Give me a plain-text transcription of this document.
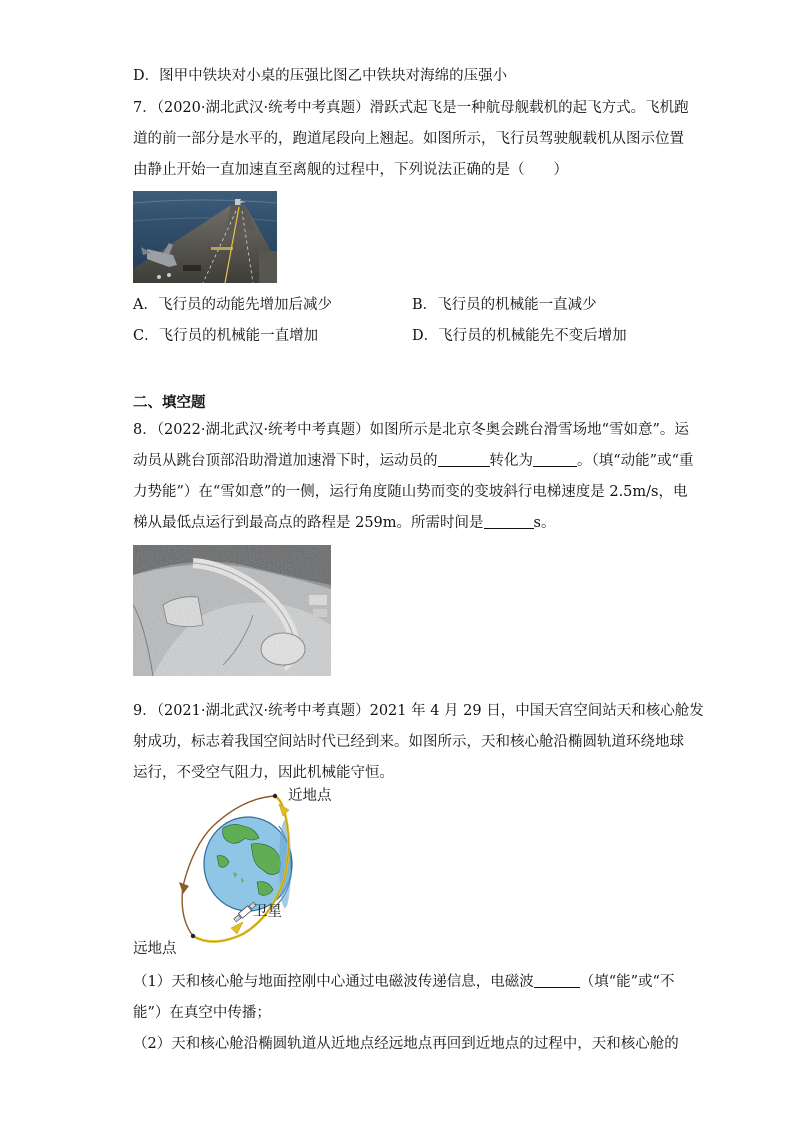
D．图甲中铁块对小桌的压强比图乙中铁块对海绵的压强小
7．（2020·湖北武汉·统考中考真题）滑跃式起飞是一种航母舰载机的起飞方式。飞机跑
道的前一部分是水平的，跑道尾段向上翘起。如图所示，飞行员驾驶舰载机从图示位置
由静止开始一直加速直至离舰的过程中，下列说法正确的是（　　）
A．飞行员的动能先增加后减少	B．飞行员的机械能一直减少
C．飞行员的机械能一直增加	D．飞行员的机械能先不变后增加
二、填空题
8．（2022·湖北武汉·统考中考真题）如图所示是北京冬奥会跳台滑雪场地“雪如意”。运
动员从跳台顶部沿助滑道加速滑下时，运动员的	转化为	。（填“动能”或“重
力势能”）在“雪如意”的一侧，运行角度随山势而变的变坡斜行电梯速度是 2.5m/s，电
梯从最低点运行到最高点的路程是 259m。所需时间是	s。
9．（2021·湖北武汉·统考中考真题）2021 年 4 月 29 日，中国天宫空间站天和核心舱发
射成功，标志着我国空间站时代已经到来。如图所示，天和核心舱沿椭圆轨道环绕地球
运行，不受空气阻力，因此机械能守恒。
近地点
卫星
远地点
（1）天和核心舱与地面控刚中心通过电磁波传递信息，电磁波	（填“能”或“不
能”）在真空中传播；
（2）天和核心舱沿椭圆轨道从近地点经远地点再回到近地点的过程中，天和核心舱的
